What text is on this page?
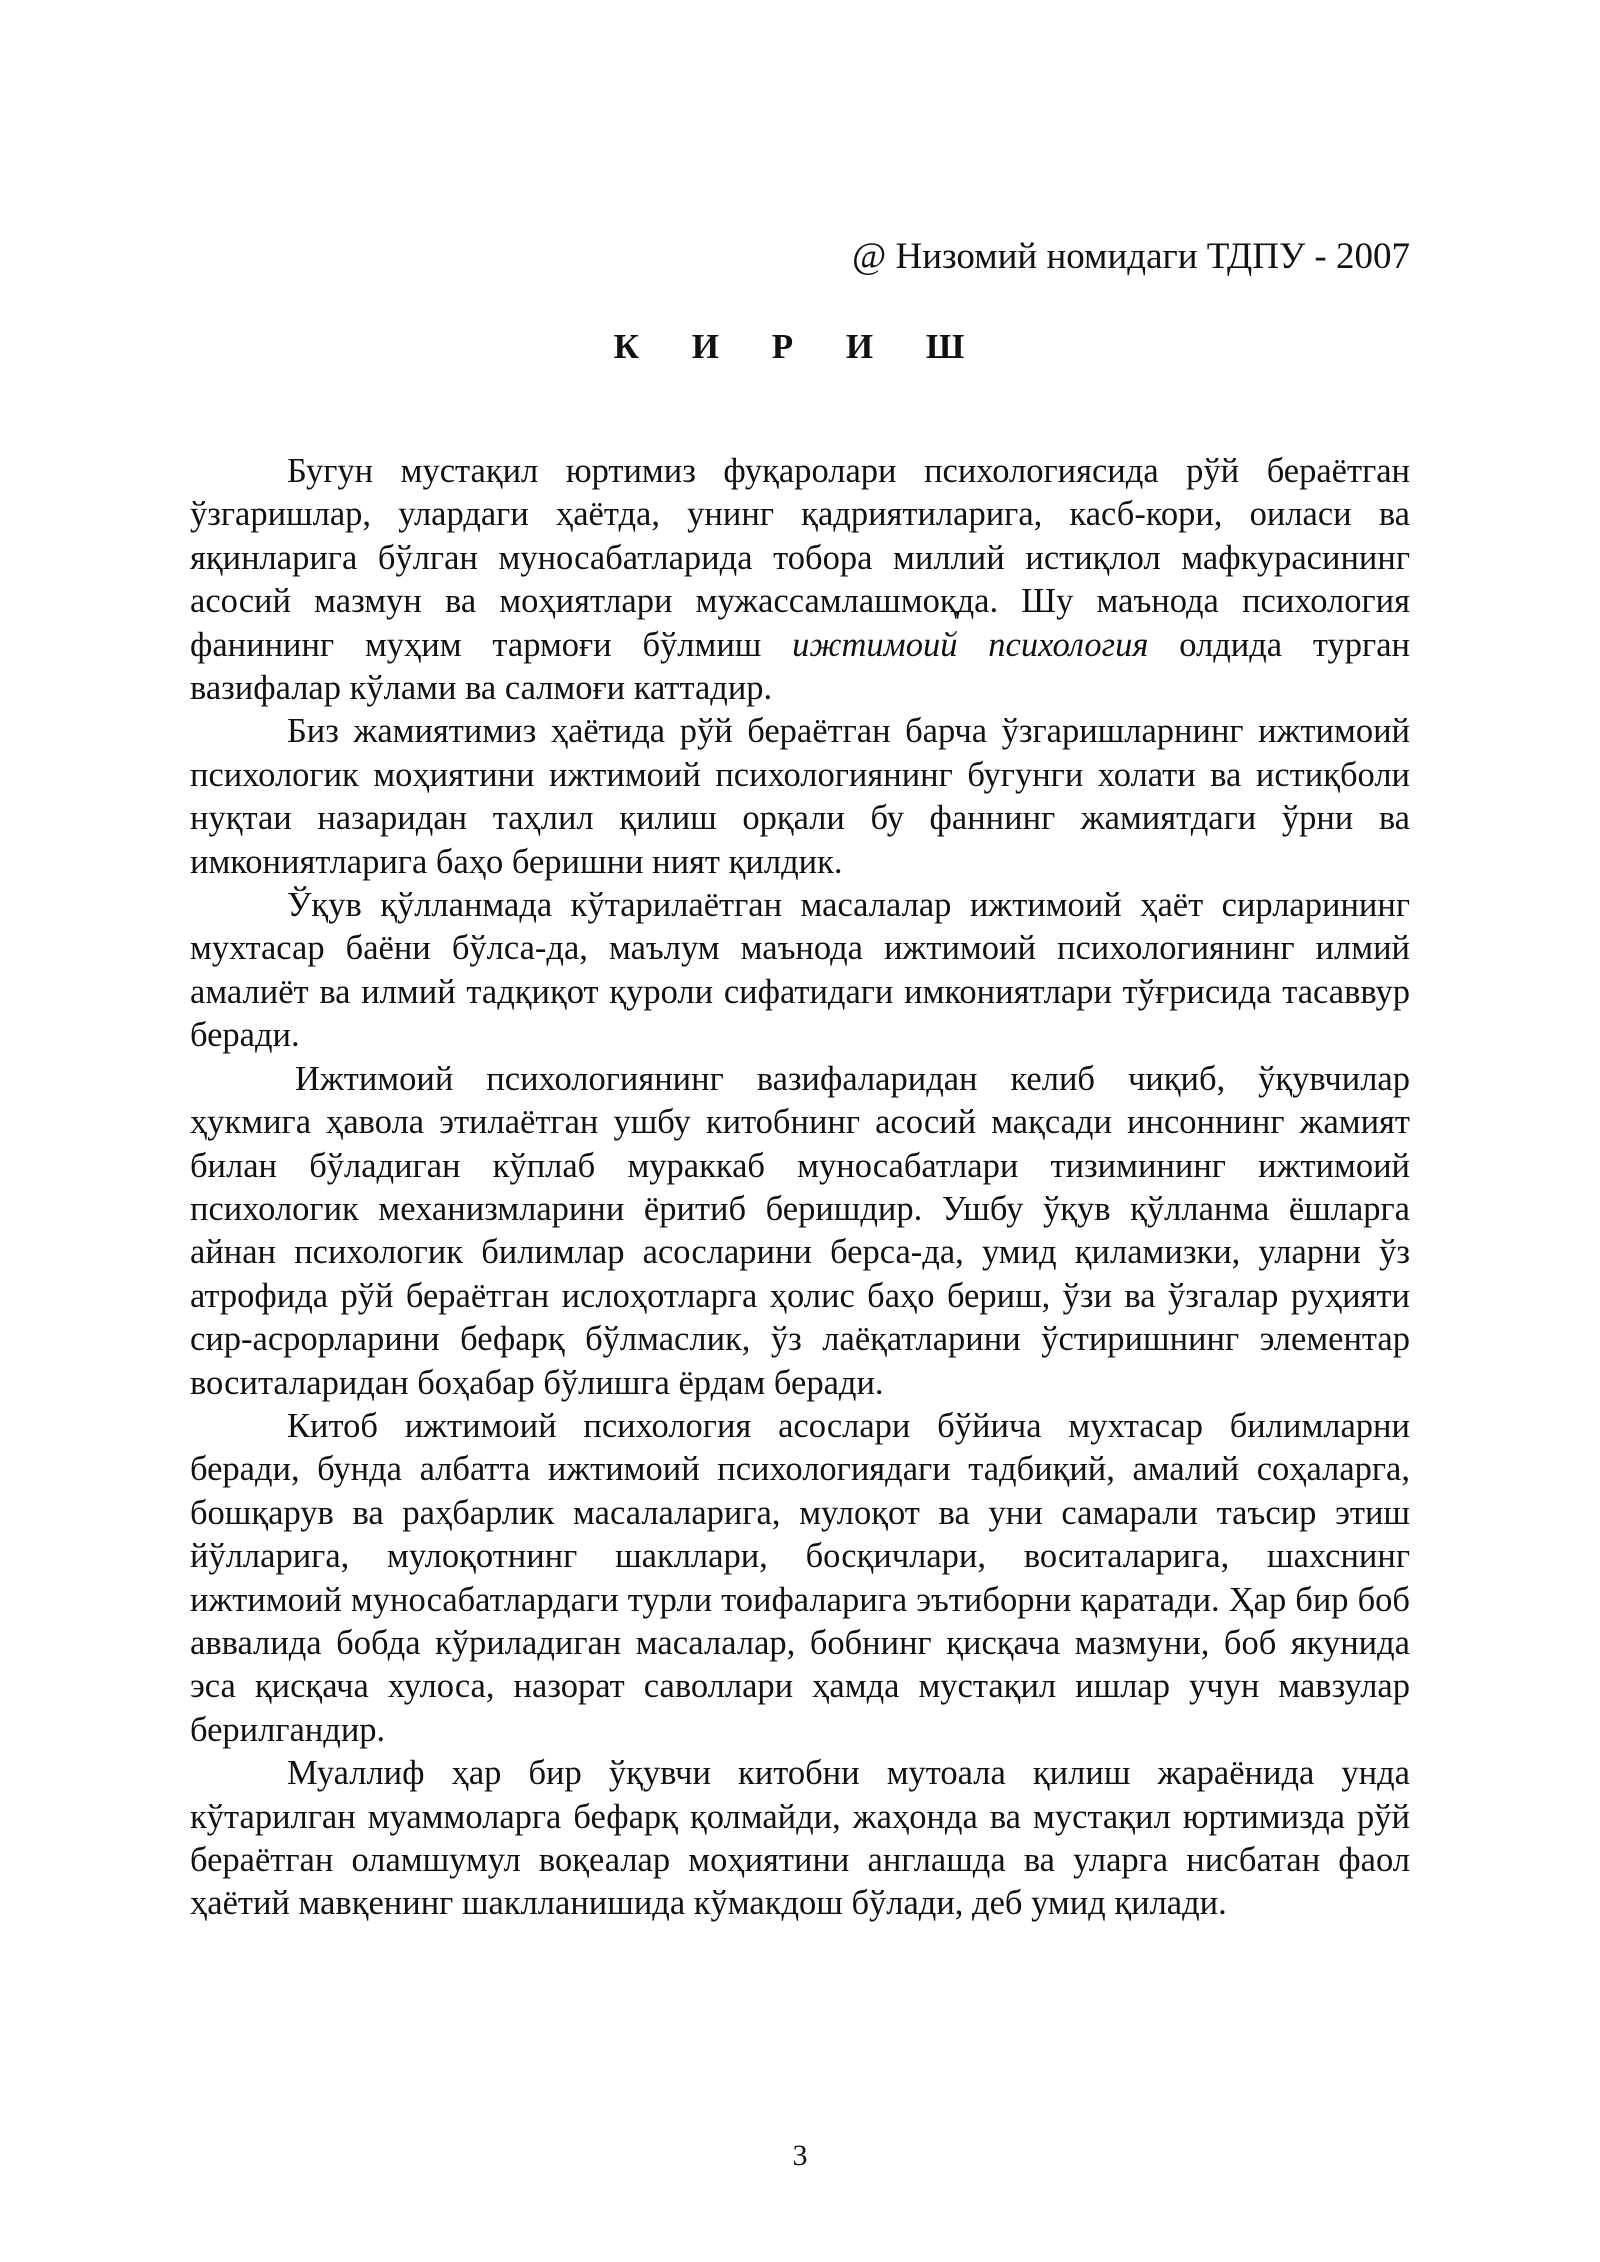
@ Низомий номидаги ТДПУ - 2007
К И Р И Ш

Бугун мустақил юртимиз фуқаролари психологиясида рўй бераётган ўзгаришлар, улардаги ҳаётда, унинг қадриятиларига, касб-кори, оиласи ва яқинларига бўлган муносабатларида тобора миллий истиқлол мафкурасининг асосий мазмун ва моҳиятлари мужассамлашмоқда. Шу маънода психология фанининг муҳим тармоғи бўлмиш ижтимоий психология олдида турган вазифалар кўлами ва салмоғи каттадир.

Биз жамиятимиз ҳаётида рўй бераётган барча ўзгаришларнинг ижтимоий психологик моҳиятини ижтимоий психологиянинг бугунги холати ва истиқболи нуқтаи назаридан таҳлил қилиш орқали бу фаннинг жамиятдаги ўрни ва имкониятларига баҳо беришни ният қилдик.

Ўқув қўлланмада кўтарилаётган масалалар ижтимоий ҳаёт сирларининг мухтасар баёни бўлса-да, маълум маънода ижтимоий психологиянинг илмий амалиёт ва илмий тадқиқот қуроли сифатидаги имкониятлари тўғрисида тасаввур беради.

Ижтимоий психологиянинг вазифаларидан келиб чиқиб, ўқувчилар ҳукмига ҳавола этилаётган ушбу китобнинг асосий мақсади инсоннинг жамият билан бўладиган кўплаб мураккаб муносабатлари тизимининг ижтимоий психологик механизмларини ёритиб беришдир. Ушбу ўқув қўлланма ёшларга айнан психологик билимлар асосларини берса-да, умид қиламизки, уларни ўз атрофида рўй бераётган ислоҳотларга ҳолис баҳо бериш, ўзи ва ўзгалар руҳияти сир-асрорларини бефарқ бўлмаслик, ўз лаёқатларини ўстиришнинг элементар воситаларидан боҳабар бўлишга ёрдам беради.

Китоб ижтимоий психология асослари бўйича мухтасар билимларни беради, бунда албатта ижтимоий психологиядаги тадбиқий, амалий соҳаларга, бошқарув ва раҳбарлик масалаларига, мулоқот ва уни самарали таъсир этиш йўлларига, мулоқотнинг шакллари, босқичлари, воситаларига, шахснинг ижтимоий муносабатлардаги турли тоифаларига эътиборни қаратади. Ҳар бир боб аввалида бобда кўриладиган масалалар, бобнинг қисқача мазмуни, боб якунида эса қисқача хулоса, назорат саволлари ҳамда мустақил ишлар учун мавзулар берилгандир.

Муаллиф ҳар бир ўқувчи китобни мутоала қилиш жараёнида унда кўтарилган муаммоларга бефарқ қолмайди, жаҳонда ва мустақил юртимизда рўй бераётган оламшумул воқеалар моҳиятини англашда ва уларга нисбатан фаол ҳаётий мавқенинг шаклланишида кўмакдош бўлади, деб умид қилади.

3
